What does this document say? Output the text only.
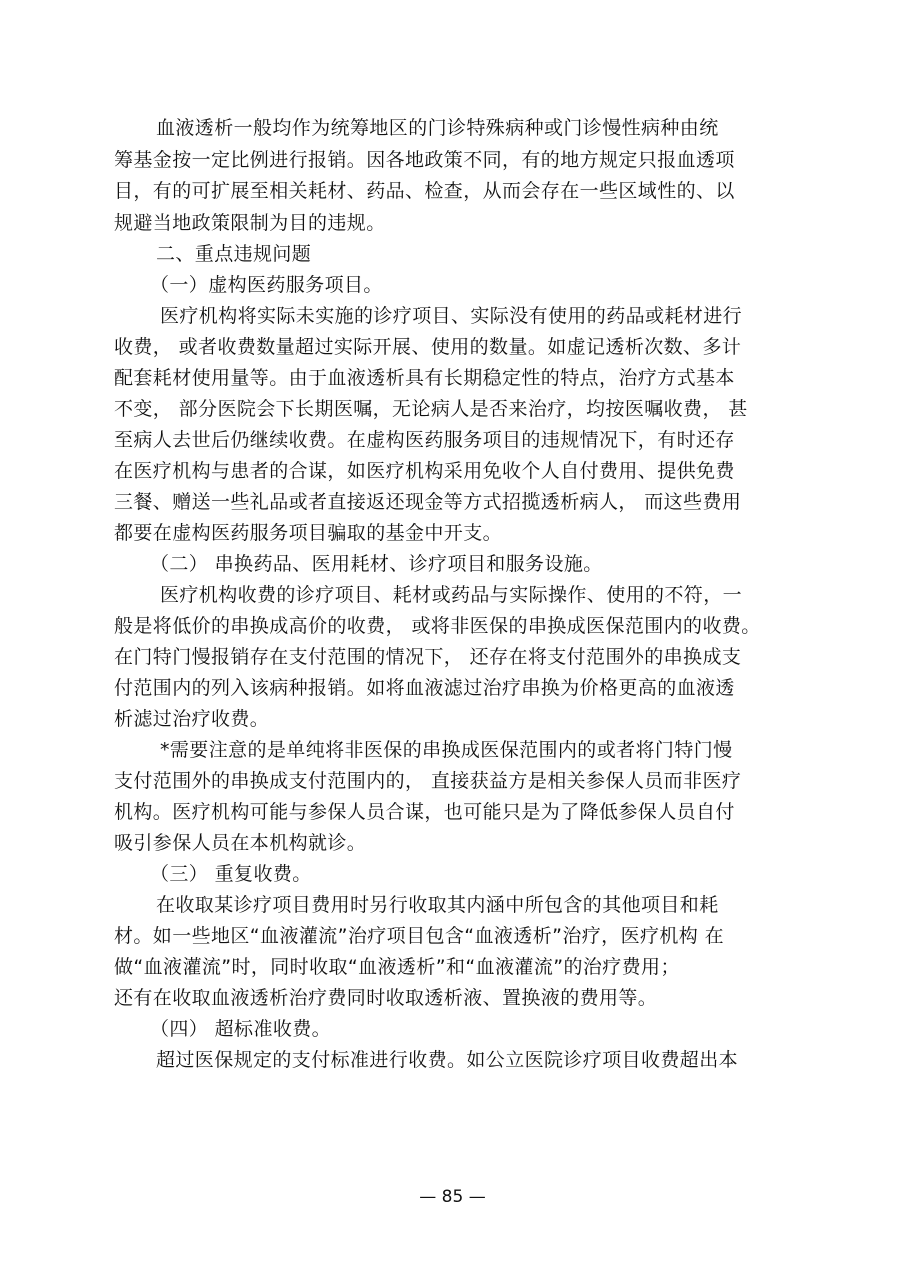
血液透析一般均作为统筹地区的门诊特殊病种或门诊慢性病种由统

筹基金按一定比例进行报销。因各地政策不同，有的地方规定只报血透项

目，有的可扩展至相关耗材、药品、检查，从而会存在一些区域性的、以

规避当地政策限制为目的违规。

二、重点违规问题

（一）虚构医药服务项目。

医疗机构将实际未实施的诊疗项目、实际没有使用的药品或耗材进行

收费， 或者收费数量超过实际开展、使用的数量。如虚记透析次数、多计

配套耗材使用量等。由于血液透析具有长期稳定性的特点，治疗方式基本

不变， 部分医院会下长期医嘱，无论病人是否来治疗，均按医嘱收费， 甚

至病人去世后仍继续收费。在虚构医药服务项目的违规情况下，有时还存

在医疗机构与患者的合谋，如医疗机构采用免收个人自付费用、提供免费

三餐、赠送一些礼品或者直接返还现金等方式招揽透析病人， 而这些费用

都要在虚构医药服务项目骗取的基金中开支。

（二） 串换药品、医用耗材、诊疗项目和服务设施。

医疗机构收费的诊疗项目、耗材或药品与实际操作、使用的不符，一

般是将低价的串换成高价的收费， 或将非医保的串换成医保范围内的收费。

在门特门慢报销存在支付范围的情况下， 还存在将支付范围外的串换成支

付范围内的列入该病种报销。如将血液滤过治疗串换为价格更高的血液透

析滤过治疗收费。

*需要注意的是单纯将非医保的串换成医保范围内的或者将门特门慢

支付范围外的串换成支付范围内的， 直接获益方是相关参保人员而非医疗

机构。医疗机构可能与参保人员合谋，也可能只是为了降低参保人员自付

吸引参保人员在本机构就诊。

（三） 重复收费。

在收取某诊疗项目费用时另行收取其内涵中所包含的其他项目和耗

材。如一些地区“血液灌流”治疗项目包含“血液透析”治疗，医疗机构 在

做“血液灌流”时，同时收取“血液透析”和“血液灌流”的治疗费用；

还有在收取血液透析治疗费同时收取透析液、置换液的费用等。

（四） 超标准收费。

超过医保规定的支付标准进行收费。如公立医院诊疗项目收费超出本

— 85 —
